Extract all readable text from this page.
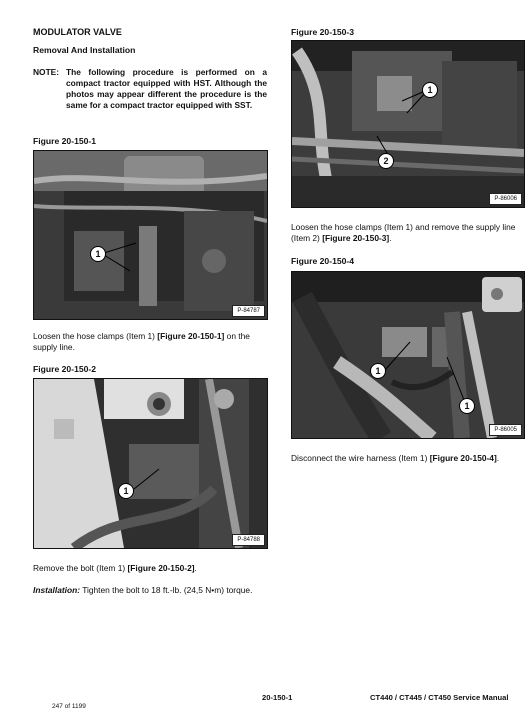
MODULATOR VALVE
Removal And Installation
NOTE: The following procedure is performed on a compact tractor equipped with HST. Although the photos may appear different the procedure is the same for a compact tractor equipped with SST.
Figure 20-150-1
1
P-84787
Loosen the hose clamps (Item 1) [Figure 20-150-1] on the supply line.
Figure 20-150-2
1
P-84788
Remove the bolt (Item 1) [Figure 20-150-2].
Installation: Tighten the bolt to 18 ft.-lb. (24,5 N•m) torque.
Figure 20-150-3
1
2
P-86006
Loosen the hose clamps (Item 1) and remove the supply line (Item 2) [Figure 20-150-3].
Figure 20-150-4
1
1
P-86005
Disconnect the wire harness (Item 1) [Figure 20-150-4].
20-150-1	CT440 / CT445 / CT450 Service Manual
247 of 1199
